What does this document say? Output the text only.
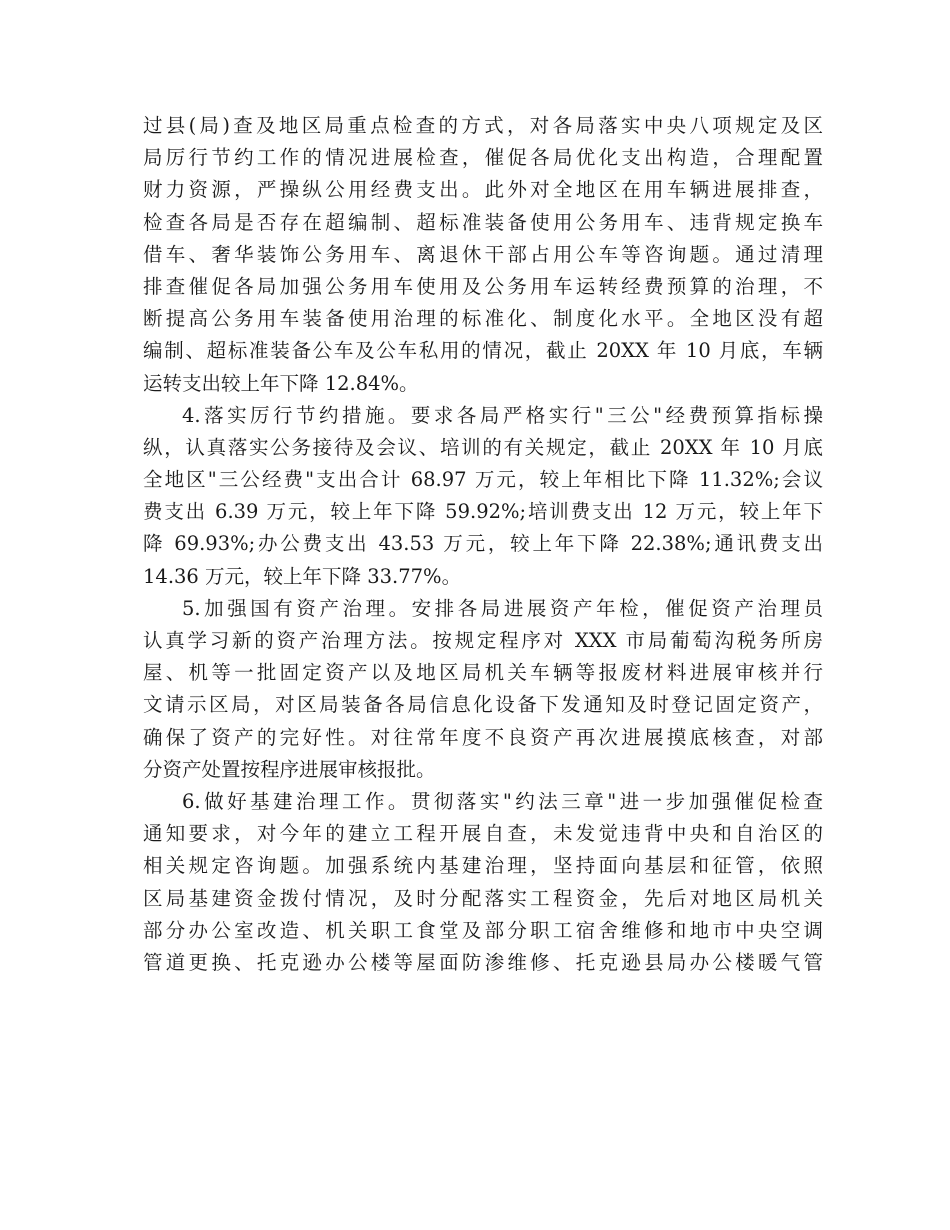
过县(局)查及地区局重点检查的方式，对各局落实中央八项规定及区
局厉行节约工作的情况进展检查，催促各局优化支出构造，合理配置
财力资源，严操纵公用经费支出。此外对全地区在用车辆进展排查，
检查各局是否存在超编制、超标准装备使用公务用车、违背规定换车
借车、奢华装饰公务用车、离退休干部占用公车等咨询题。通过清理
排查催促各局加强公务用车使用及公务用车运转经费预算的治理，不
断提高公务用车装备使用治理的标准化、制度化水平。全地区没有超
编制、超标准装备公车及公车私用的情况，截止 20XX 年 10 月底，车辆
运转支出较上年下降 12.84%。
4.落实厉行节约措施。要求各局严格实行"三公"经费预算指标操
纵，认真落实公务接待及会议、培训的有关规定，截止 20XX 年 10 月底
全地区"三公经费"支出合计 68.97 万元，较上年相比下降 11.32%;会议
费支出 6.39 万元，较上年下降 59.92%;培训费支出 12 万元，较上年下
降 69.93%;办公费支出 43.53 万元，较上年下降 22.38%;通讯费支出
14.36 万元，较上年下降 33.77%。
5.加强国有资产治理。安排各局进展资产年检，催促资产治理员
认真学习新的资产治理方法。按规定程序对 XXX 市局葡萄沟税务所房
屋、机等一批固定资产以及地区局机关车辆等报废材料进展审核并行
文请示区局，对区局装备各局信息化设备下发通知及时登记固定资产，
确保了资产的完好性。对往常年度不良资产再次进展摸底核查，对部
分资产处置按程序进展审核报批。
6.做好基建治理工作。贯彻落实"约法三章"进一步加强催促检查
通知要求，对今年的建立工程开展自查，未发觉违背中央和自治区的
相关规定咨询题。加强系统内基建治理，坚持面向基层和征管，依照
区局基建资金拨付情况，及时分配落实工程资金，先后对地区局机关
部分办公室改造、机关职工食堂及部分职工宿舍维修和地市中央空调
管道更换、托克逊办公楼等屋面防渗维修、托克逊县局办公楼暖气管
